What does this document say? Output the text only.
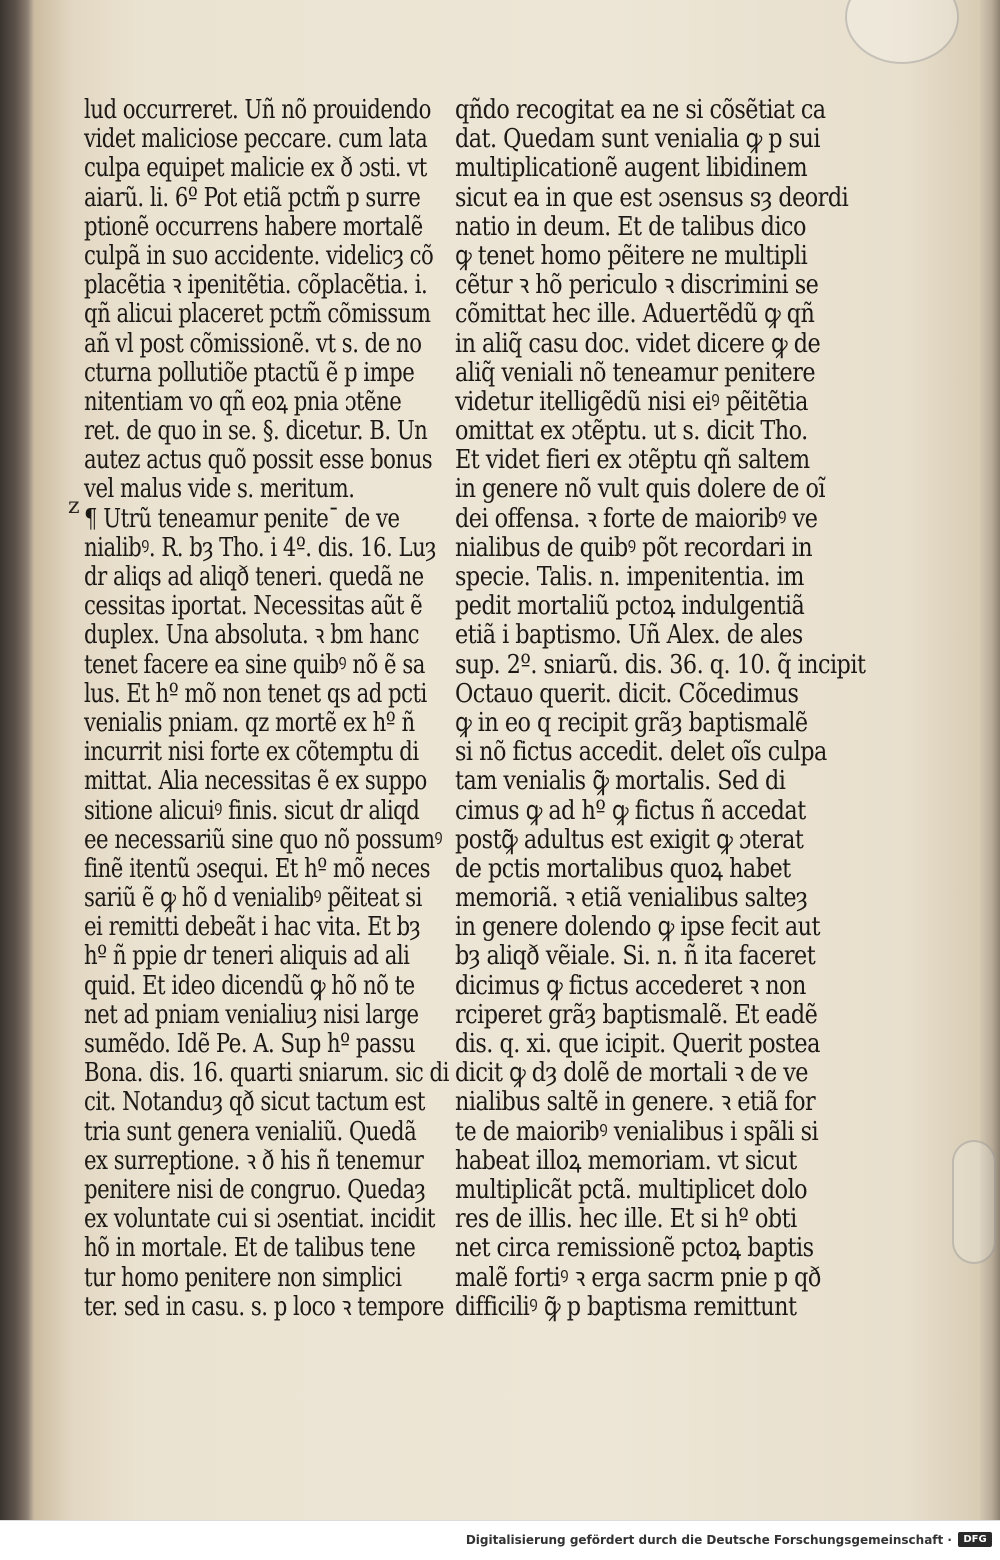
z
lud occurreret. Uñ nõ prouidendo
videt maliciose peccare. cum lata
culpa equipet malicie ex ð ɔsti. vt
aiarũ. li. 6º Pot etiã pctm̃ p surre
ptionẽ occurrens habere mortalẽ
culpã in suo accidente. videlicȝ cõ
placẽtia ꝛ ipenitẽtia. cõplacẽtia. i.
qñ alicui placeret pctm̃ cõmissum
añ vl post cõmissionẽ. vt s. de no
cturna pollutiõe ptactũ ẽ p impe
nitentiam vo qñ eoꝝ pnia ɔtẽne
ret. de quo in se. §. dicetur. B. Un
autez actus quõ possit esse bonus
vel malus vide s. meritum.
¶ Utrũ teneamur peniteˉ de ve
nialibꝰ. R. bȝ Tho. i 4º. dis. 16. Luȝ
dr aliqs ad aliqð teneri. quedã ne
cessitas iportat. Necessitas aũt ẽ
duplex. Una absoluta. ꝛ bm hanc
tenet facere ea sine quibꝰ nõ ẽ sa
lus. Et hº mõ non tenet qs ad pcti
venialis pniam. qz mortẽ ex hº ñ
incurrit nisi forte ex cõtemptu di
mittat. Alia necessitas ẽ ex suppo
sitione alicuiꝰ finis. sicut dr aliqd
ee necessariũ sine quo nõ possumꝰ
finẽ itentũ ɔsequi. Et hº mõ neces
sariũ ẽ ꝙ hõ d venialibꝰ pẽiteat si
ei remitti debeãt i hac vita. Et bȝ
hº ñ ppie dr teneri aliquis ad ali
quid. Et ideo dicendũ ꝙ hõ nõ te
net ad pniam venialiuȝ nisi large
sumẽdo. Idẽ Pe. A. Sup hº passu
Bona. dis. 16. quarti sniarum. sic di
cit. Notanduȝ qð sicut tactum est
tria sunt genera venialiũ. Quedã
ex surreptione. ꝛ ð his ñ tenemur
penitere nisi de congruo. Quedaȝ
ex voluntate cui si ɔsentiat. incidit
hõ in mortale. Et de talibus tene
tur homo penitere non simplici
ter. sed in casu. s. p loco ꝛ tempore
qñdo recogitat ea ne si cõsẽtiat ca
dat. Quedam sunt venialia ꝙ p sui
multiplicationẽ augent libidinem
sicut ea in que est ɔsensus sȝ deordi
natio in deum. Et de talibus dico
ꝙ tenet homo pẽitere ne multipli
cẽtur ꝛ hõ periculo ꝛ discrimini se
cõmittat hec ille. Aduertẽdũ ꝙ qñ
in aliq̃ casu doc. videt dicere ꝙ de
aliq̃ veniali nõ teneamur penitere
videtur itelligẽdũ nisi eiꝰ pẽitẽtia
omittat ex ɔtẽptu. ut s. dicit Tho.
Et videt fieri ex ɔtẽptu qñ saltem
in genere nõ vult quis dolere de oĩ
dei offensa. ꝛ forte de maioribꝰ ve
nialibus de quibꝰ põt recordari in
specie. Talis. n. impenitentia. im
pedit mortaliũ pctoꝝ indulgentiã
etiã i baptismo. Uñ Alex. de ales
sup. 2º. sniarũ. dis. 36. q. 10. q̃ incipit
Octauo querit. dicit. Cõcedimus
ꝙ in eo q recipit grãȝ baptismalẽ
si nõ fictus accedit. delet oĩs culpa
tam venialis ꝙ̃ mortalis. Sed di
cimus ꝙ ad hº ꝙ fictus ñ accedat
postꝙ̃ adultus est exigit ꝙ ɔterat
de pctis mortalibus quoꝝ habet
memoriã. ꝛ etiã venialibus salteȝ
in genere dolendo ꝙ ipse fecit aut
bȝ aliqð vẽiale. Si. n. ñ ita faceret
dicimus ꝙ fictus accederet ꝛ non
rciperet grãȝ baptismalẽ. Et eadẽ
dis. q. xi. que icipit. Querit postea
dicit ꝙ dȝ dolẽ de mortali ꝛ de ve
nialibus saltẽ in genere. ꝛ etiã for
te de maioribꝰ venialibus i spãli si
habeat illoꝝ memoriam. vt sicut
multiplicãt pctã. multiplicet dolo
res de illis. hec ille. Et si hº obti
net circa remissionẽ pctoꝝ baptis
malẽ fortiꝰ ꝛ erga sacrm pnie p qð
difficiliꝰ ꝙ̃ p baptisma remittunt
Digitalisierung gefördert durch die Deutsche Forschungsgemeinschaft ·	DFG
